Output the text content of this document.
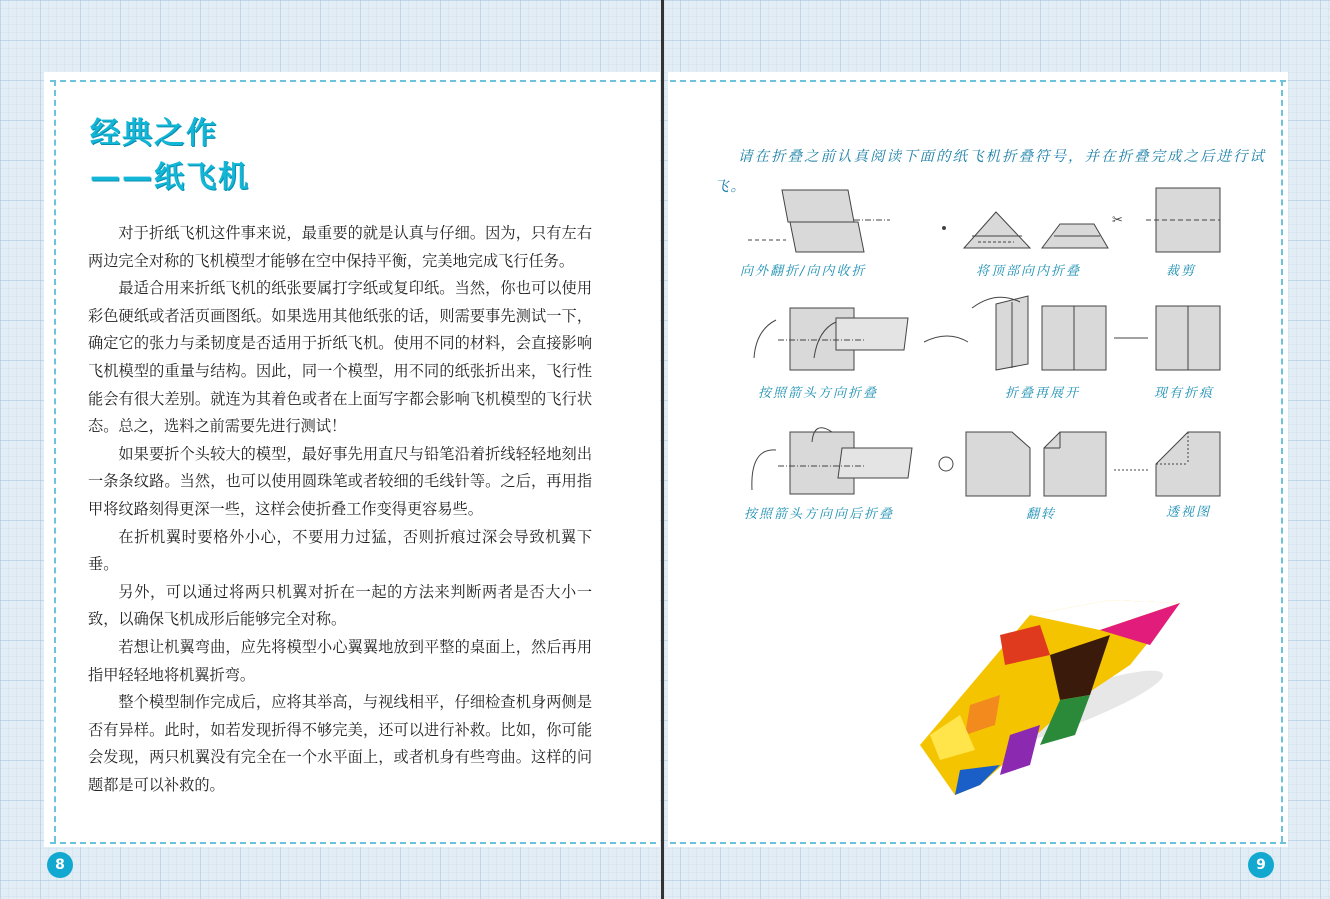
经典之作
——纸飞机

对于折纸飞机这件事来说，最重要的就是认真与仔细。因为，只有左右两边完全对称的飞机模型才能够在空中保持平衡，完美地完成飞行任务。

最适合用来折纸飞机的纸张要属打字纸或复印纸。当然，你也可以使用彩色硬纸或者活页画图纸。如果选用其他纸张的话，则需要事先测试一下，确定它的张力与柔韧度是否适用于折纸飞机。使用不同的材料，会直接影响飞机模型的重量与结构。因此，同一个模型，用不同的纸张折出来，飞行性能会有很大差别。就连为其着色或者在上面写字都会影响飞机模型的飞行状态。总之，选料之前需要先进行测试！

如果要折个头较大的模型，最好事先用直尺与铅笔沿着折线轻轻地刻出一条条纹路。当然，也可以使用圆珠笔或者较细的毛线针等。之后，再用指甲将纹路刻得更深一些，这样会使折叠工作变得更容易些。

在折机翼时要格外小心，不要用力过猛，否则折痕过深会导致机翼下垂。

另外，可以通过将两只机翼对折在一起的方法来判断两者是否大小一致，以确保飞机成形后能够完全对称。

若想让机翼弯曲，应先将模型小心翼翼地放到平整的桌面上，然后再用指甲轻轻地将机翼折弯。

整个模型制作完成后，应将其举高，与视线相平，仔细检查机身两侧是否有异样。此时，如若发现折得不够完美，还可以进行补救。比如，你可能会发现，两只机翼没有完全在一个水平面上，或者机身有些弯曲。这样的问题都是可以补救的。

8
请在折叠之前认真阅读下面的纸飞机折叠符号，并在折叠完成之后进行试飞。
✂
向外翻折/向内收折	将顶部向内折叠	裁剪
按照箭头方向折叠	折叠再展开	现有折痕
按照箭头方向向后折叠	翻转	透视图
9
